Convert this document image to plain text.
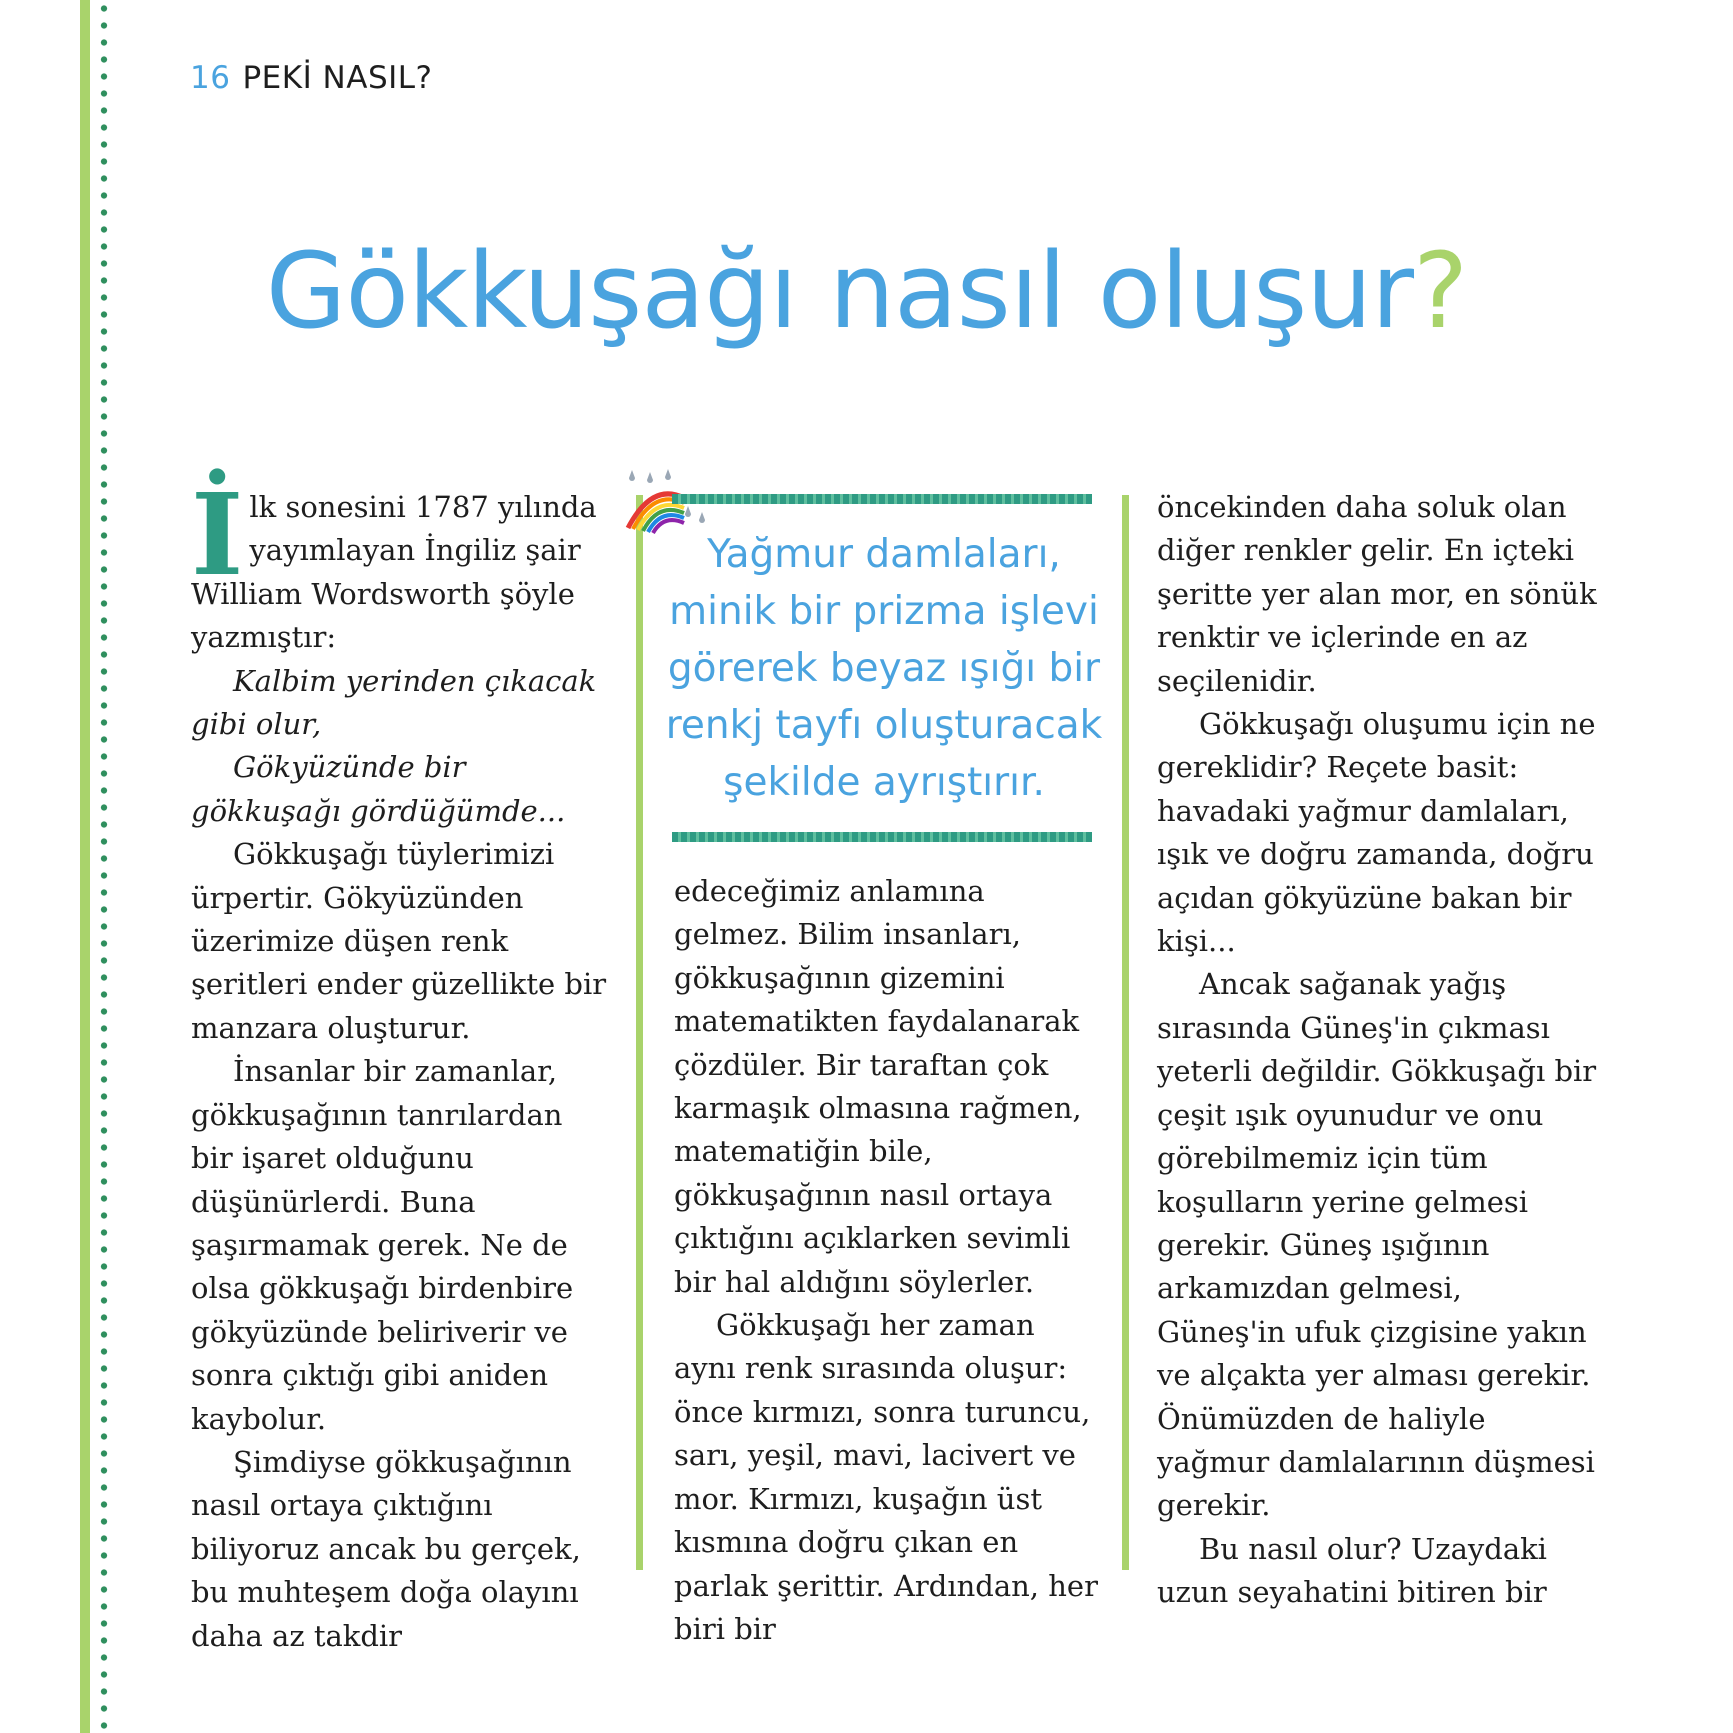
16 PEKİ NASIL?
Gökkuşağı nasıl oluşur?

İlk sonesini 1787 yılında yayımlayan İngiliz şair William Wordsworth şöyle yazmıştır:

Kalbim yerinden çıkacak gibi olur,

Gökyüzünde bir gökkuşağı gördüğümde...

Gökkuşağı tüylerimizi ürpertir. Gökyüzünden üzerimize düşen renk şeritleri ender güzellikte bir manzara oluşturur.

İnsanlar bir zamanlar, gökkuşağının tanrılardan bir işaret olduğunu düşünürlerdi. Buna şaşırmamak gerek. Ne de olsa gökkuşağı birdenbire gökyüzünde beliriverir ve sonra çıktığı gibi aniden kaybolur.

Şimdiyse gökkuşağının nasıl ortaya çıktığını biliyoruz ancak bu gerçek, bu muhteşem doğa olayını daha az takdir

Yağmur damlaları, minik bir prizma işlevi görerek beyaz ışığı bir renkj tayfı oluşturacak şekilde ayrıştırır.

edeceğimiz anlamına gelmez. Bilim insanları, gökkuşağının gizemini matematikten faydalanarak çözdüler. Bir taraftan çok karmaşık olmasına rağmen, matematiğin bile, gökkuşağının nasıl ortaya çıktığını açıklarken sevimli bir hal aldığını söylerler.

Gökkuşağı her zaman aynı renk sırasında oluşur: önce kırmızı, sonra turuncu, sarı, yeşil, mavi, lacivert ve mor. Kırmızı, kuşağın üst kısmına doğru çıkan en parlak şerittir. Ardından, her biri bir

öncekinden daha soluk olan diğer renkler gelir. En içteki şeritte yer alan mor, en sönük renktir ve içlerinde en az seçilenidir.

Gökkuşağı oluşumu için ne gereklidir? Reçete basit: havadaki yağmur damlaları, ışık ve doğru zamanda, doğru açıdan gökyüzüne bakan bir kişi...

Ancak sağanak yağış sırasında Güneş'in çıkması yeterli değildir. Gökkuşağı bir çeşit ışık oyunudur ve onu görebilmemiz için tüm koşulların yerine gelmesi gerekir. Güneş ışığının arkamızdan gelmesi, Güneş'in ufuk çizgisine yakın ve alçakta yer alması gerekir. Önümüzden de haliyle yağmur damlalarının düşmesi gerekir.

Bu nasıl olur? Uzaydaki uzun seyahatini bitiren bir
